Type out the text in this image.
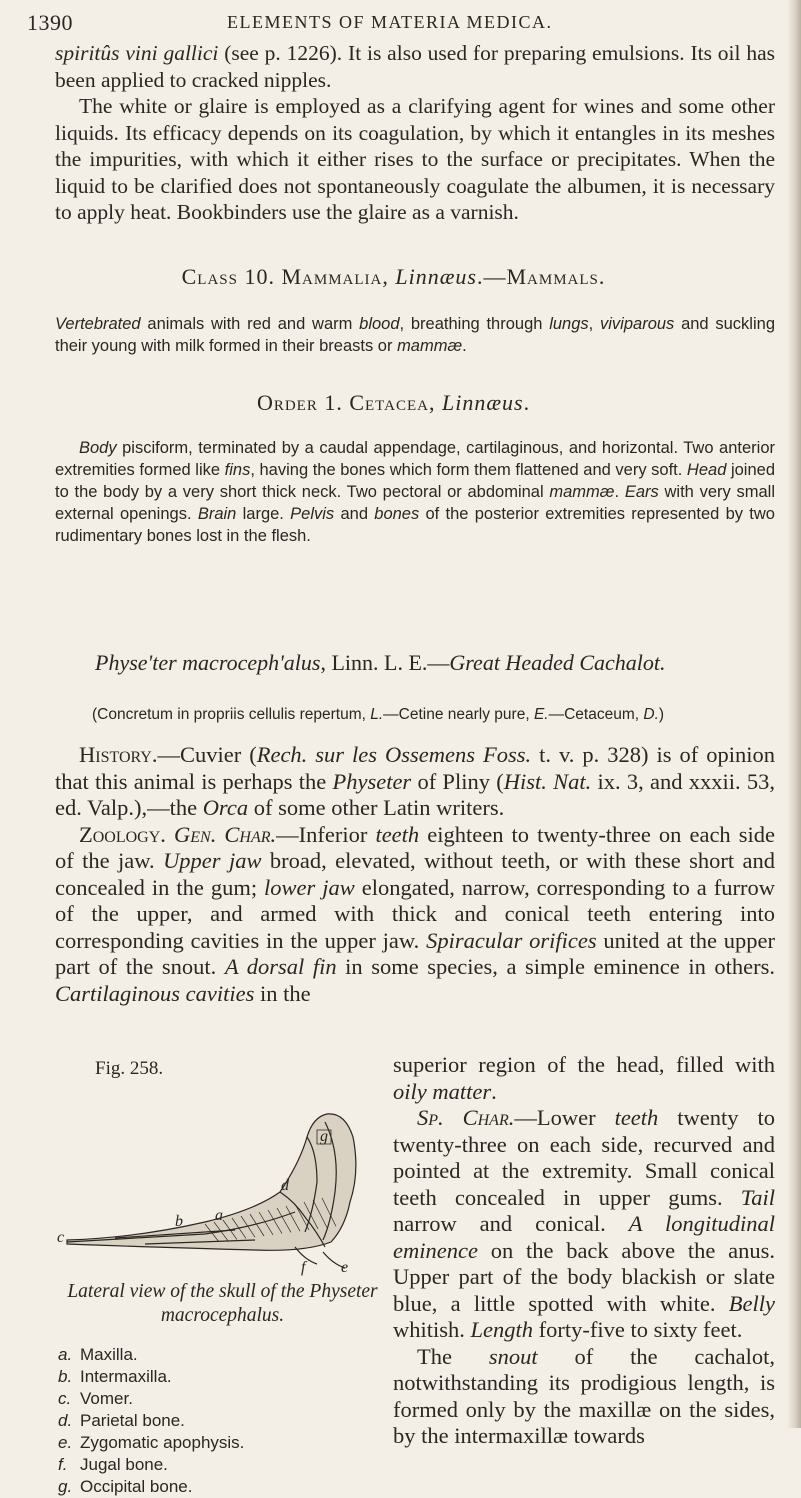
1390	ELEMENTS OF MATERIA MEDICA.

spiritûs vini gallici (see p. 1226). It is also used for preparing emulsions. Its oil has been applied to cracked nipples.

The white or glaire is employed as a clarifying agent for wines and some other liquids. Its efficacy depends on its coagulation, by which it entangles in its meshes the impurities, with which it either rises to the surface or precipitates. When the liquid to be clarified does not spontaneously coagulate the albumen, it is necessary to apply heat. Bookbinders use the glaire as a varnish.

Class 10. Mammalia, Linnæus.—Mammals.

Vertebrated animals with red and warm blood, breathing through lungs, viviparous and suckling their young with milk formed in their breasts or mammæ.

Order 1. Cetacea, Linnæus.

Body pisciform, terminated by a caudal appendage, cartilaginous, and horizontal. Two anterior extremities formed like fins, having the bones which form them flattened and very soft. Head joined to the body by a very short thick neck. Two pectoral or abdominal mammæ. Ears with very small external openings. Brain large. Pelvis and bones of the posterior extremities represented by two rudimentary bones lost in the flesh.

Physe'ter macroceph'alus, Linn. L. E.—Great Headed Cachalot.
(Concretum in propriis cellulis repertum, L.—Cetine nearly pure, E.—Cetaceum, D.)

History.—Cuvier (Rech. sur les Ossemens Foss. t. v. p. 328) is of opinion that this animal is perhaps the Physeter of Pliny (Hist. Nat. ix. 3, and xxxii. 53, ed. Valp.),—the Orca of some other Latin writers.

Zoology. Gen. Char.—Inferior teeth eighteen to twenty-three on each side of the jaw. Upper jaw broad, elevated, without teeth, or with these short and concealed in the gum; lower jaw elongated, narrow, corresponding to a furrow of the upper, and armed with thick and conical teeth entering into corresponding cavities in the upper jaw. Spiracular orifices united at the upper part of the snout. A dorsal fin in some species, a simple eminence in others. Cartilaginous cavities in the

Fig. 258.
g
d
b a
c
f e
Lateral view of the skull of the Physeter macrocephalus.
a. Maxilla.
b. Intermaxilla.
c. Vomer.
d. Parietal bone.
e. Zygomatic apophysis.
f. Jugal bone.
g. Occipital bone.

superior region of the head, filled with oily matter.

Sp. Char.—Lower teeth twenty to twenty-three on each side, recurved and pointed at the extremity. Small conical teeth concealed in upper gums. Tail narrow and conical. A longitudinal eminence on the back above the anus. Upper part of the body blackish or slate blue, a little spotted with white. Belly whitish. Length forty-five to sixty feet.

The snout of the cachalot, notwithstanding its prodigious length, is formed only by the maxillæ on the sides, by the intermaxillæ towards
